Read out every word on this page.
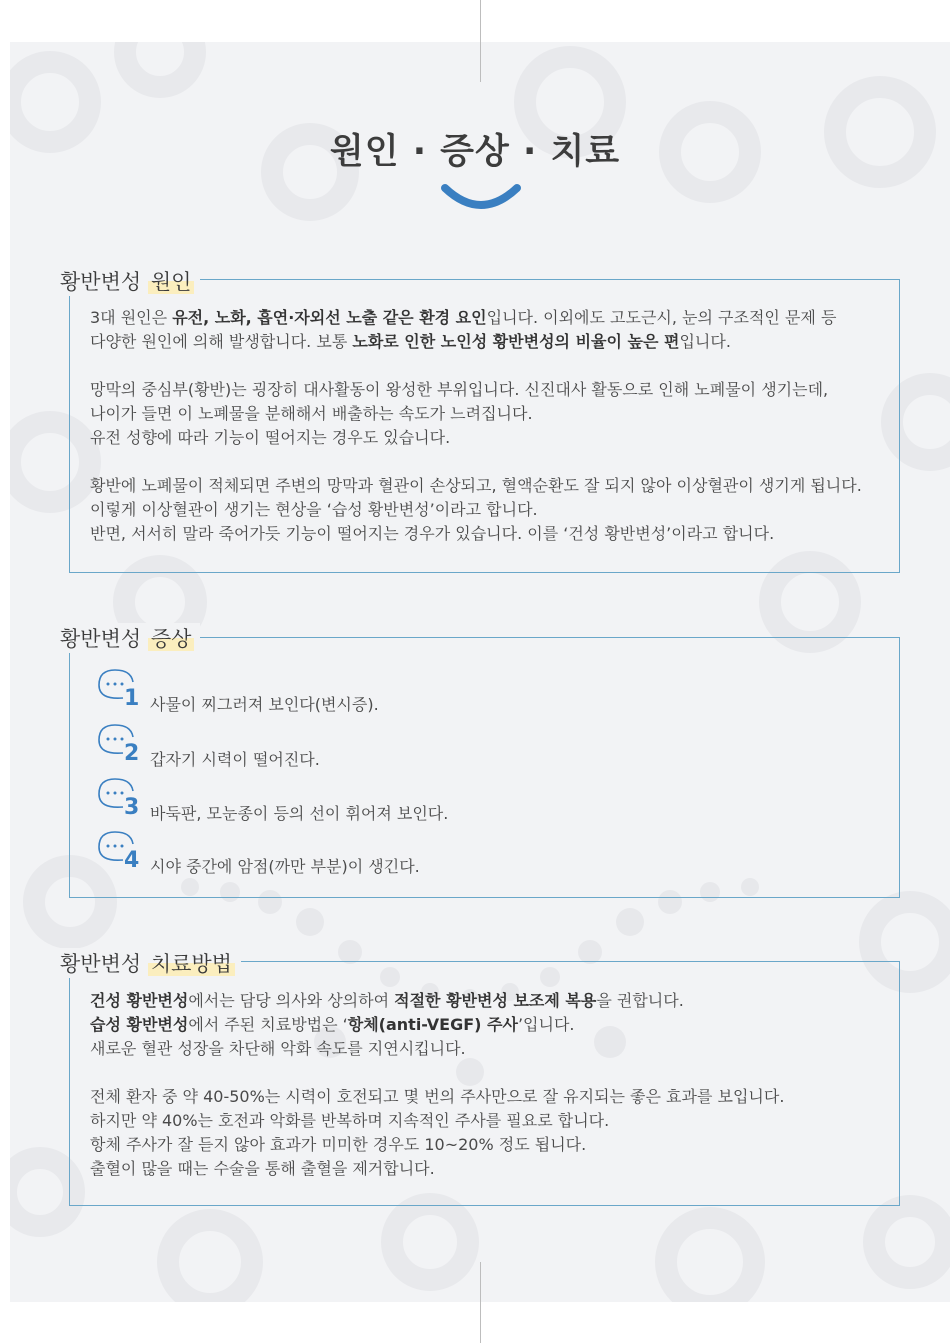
원인 · 증상 · 치료
황반변성 원인
3대 원인은 유전, 노화, 흡연·자외선 노출 같은 환경 요인입니다. 이외에도 고도근시, 눈의 구조적인 문제 등
다양한 원인에 의해 발생합니다. 보통 노화로 인한 노인성 황반변성의 비율이 높은 편입니다.
망막의 중심부(황반)는 굉장히 대사활동이 왕성한 부위입니다. 신진대사 활동으로 인해 노폐물이 생기는데,
나이가 들면 이 노폐물을 분해해서 배출하는 속도가 느려집니다.
유전 성향에 따라 기능이 떨어지는 경우도 있습니다.
황반에 노폐물이 적체되면 주변의 망막과 혈관이 손상되고, 혈액순환도 잘 되지 않아 이상혈관이 생기게 됩니다.
이렇게 이상혈관이 생기는 현상을 ‘습성 황반변성’이라고 합니다.
반면, 서서히 말라 죽어가듯 기능이 떨어지는 경우가 있습니다. 이를 ‘건성 황반변성’이라고 합니다.
황반변성 증상
1 사물이 찌그러져 보인다(변시증).
2 갑자기 시력이 떨어진다.
3 바둑판, 모눈종이 등의 선이 휘어져 보인다.
4 시야 중간에 암점(까만 부분)이 생긴다.
황반변성 치료방법
건성 황반변성에서는 담당 의사와 상의하여 적절한 황반변성 보조제 복용을 권합니다.
습성 황반변성에서 주된 치료방법은 ‘항체(anti-VEGF) 주사’입니다.
새로운 혈관 성장을 차단해 악화 속도를 지연시킵니다.
전체 환자 중 약 40-50%는 시력이 호전되고 몇 번의 주사만으로 잘 유지되는 좋은 효과를 보입니다.
하지만 약 40%는 호전과 악화를 반복하며 지속적인 주사를 필요로 합니다.
항체 주사가 잘 듣지 않아 효과가 미미한 경우도 10~20% 정도 됩니다.
출혈이 많을 때는 수술을 통해 출혈을 제거합니다.
